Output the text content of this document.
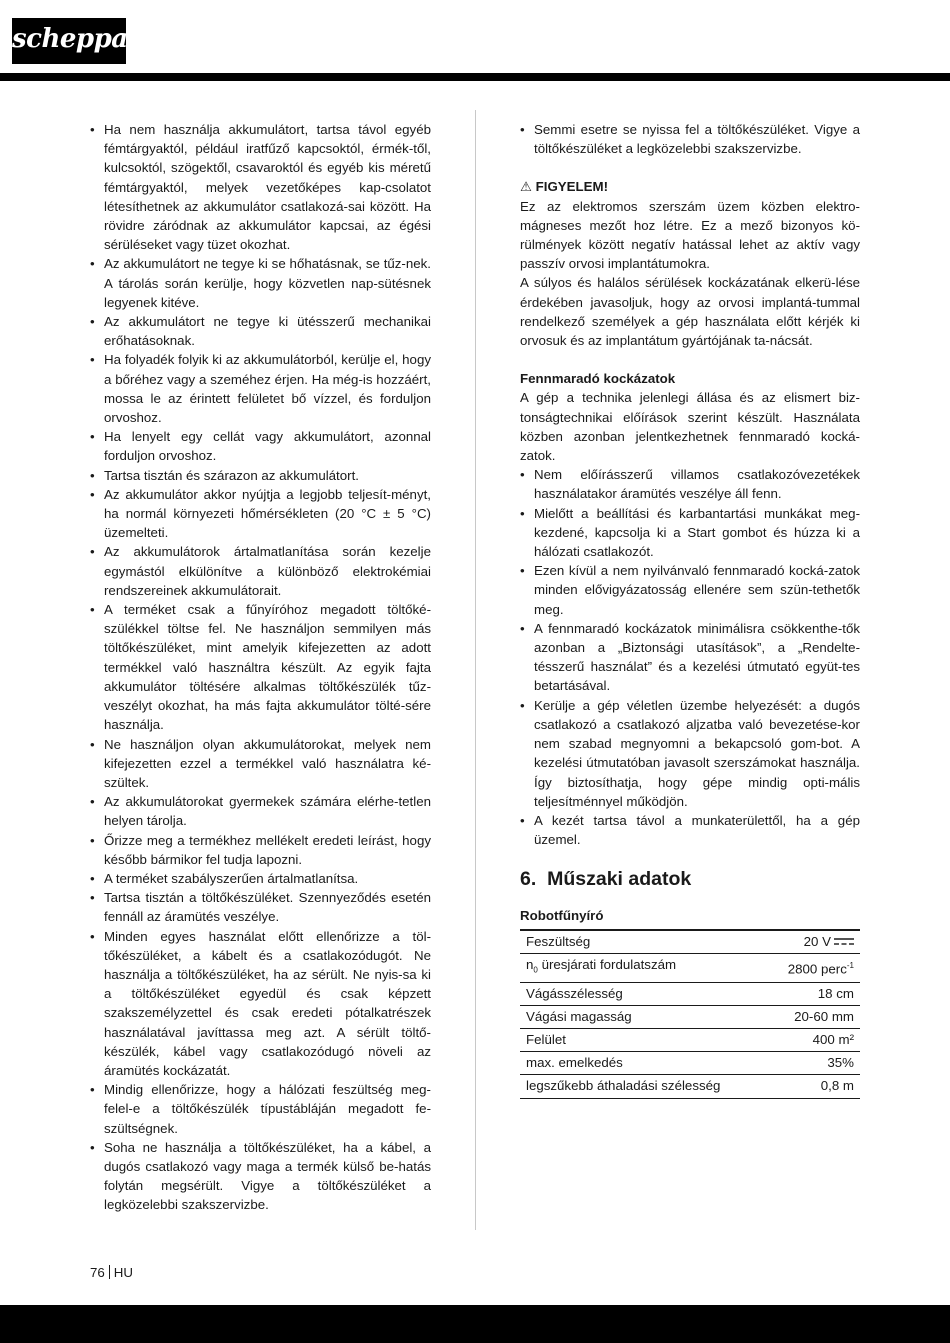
scheppach
• Ha nem használja akkumulátort, tartsa távol egyéb fémtárgyaktól, például iratfűző kapcsoktól, érmék-től, kulcsoktól, szögektől, csavaroktól és egyéb kis méretű fémtárgyaktól, melyek vezetőképes kap-csolatot létesíthetnek az akkumulátor csatlakozá-sai között. Ha rövidre záródnak az akkumulátor kapcsai, az égési sérüléseket vagy tüzet okozhat.
• Az akkumulátort ne tegye ki se hőhatásnak, se tűz-nek. A tárolás során kerülje, hogy közvetlen nap-sütésnek legyenek kitéve.
• Az akkumulátort ne tegye ki ütésszerű mechanikai erőhatásoknak.
• Ha folyadék folyik ki az akkumulátorból, kerülje el, hogy a bőréhez vagy a szeméhez érjen. Ha még-is hozzáért, mossa le az érintett felületet bő vízzel, és forduljon orvoshoz.
• Ha lenyelt egy cellát vagy akkumulátort, azonnal forduljon orvoshoz.
• Tartsa tisztán és szárazon az akkumulátort.
• Az akkumulátor akkor nyújtja a legjobb teljesít-ményt, ha normál környezeti hőmérsékleten (20 °C ± 5 °C) üzemelteti.
• Az akkumulátorok ártalmatlanítása során kezelje egymástól elkülönítve a különböző elektrokémiai rendszereinek akkumulátorait.
• A terméket csak a fűnyíróhoz megadott töltőké-szülékkel töltse fel. Ne használjon semmilyen más töltőkészüléket, mint amelyik kifejezetten az adott termékkel való használtra készült. Az egyik fajta akkumulátor töltésére alkalmas töltőkészülék tűz-veszélyt okozhat, ha más fajta akkumulátor tölté-sére használja.
• Ne használjon olyan akkumulátorokat, melyek nem kifejezetten ezzel a termékkel való használatra ké-szültek.
• Az akkumulátorokat gyermekek számára elérhe-tetlen helyen tárolja.
• Őrizze meg a termékhez mellékelt eredeti leírást, hogy később bármikor fel tudja lapozni.
• A terméket szabályszerűen ártalmatlanítsa.
• Tartsa tisztán a töltőkészüléket. Szennyeződés esetén fennáll az áramütés veszélye.
• Minden egyes használat előtt ellenőrizze a töl-tőkészüléket, a kábelt és a csatlakozódugót. Ne használja a töltőkészüléket, ha az sérült. Ne nyis-sa ki a töltőkészüléket egyedül és csak képzett szakszemélyzettel és csak eredeti pótalkatrészek használatával javíttassa meg azt. A sérült töltő-készülék, kábel vagy csatlakozódugó növeli az áramütés kockázatát.
• Mindig ellenőrizze, hogy a hálózati feszültség meg-felel-e a töltőkészülék típustábláján megadott fe-szültségnek.
• Soha ne használja a töltőkészüléket, ha a kábel, a dugós csatlakozó vagy maga a termék külső be-hatás folytán megsérült. Vigye a töltőkészüléket a legközelebbi szakszervizbe.
• Semmi esetre se nyissa fel a töltőkészüléket. Vigye a töltőkészüléket a legközelebbi szakszervizbe.
⚠ FIGYELEM!

Ez az elektromos szerszám üzem közben elektro-mágneses mezőt hoz létre. Ez a mező bizonyos kö-rülmények között negatív hatással lehet az aktív vagy passzív orvosi implantátumokra.

A súlyos és halálos sérülések kockázatának elkerü-lése érdekében javasoljuk, hogy az orvosi implantá-tummal rendelkező személyek a gép használata előtt kérjék ki orvosuk és az implantátum gyártójának ta-nácsát.

Fennmaradó kockázatok

A gép a technika jelenlegi állása és az elismert biz-tonságtechnikai előírások szerint készült. Használata közben azonban jelentkezhetnek fennmaradó kocká-zatok.

• Nem előírásszerű villamos csatlakozóvezetékek használatakor áramütés veszélye áll fenn.
• Mielőtt a beállítási és karbantartási munkákat meg-kezdené, kapcsolja ki a Start gombot és húzza ki a hálózati csatlakozót.
• Ezen kívül a nem nyilvánvaló fennmaradó kocká-zatok minden elővigyázatosság ellenére sem szün-tethetők meg.
• A fennmaradó kockázatok minimálisra csökkenthe-tők azonban a „Biztonsági utasítások”, a „Rendelte-tésszerű használat” és a kezelési útmutató együt-tes betartásával.
• Kerülje a gép véletlen üzembe helyezését: a dugós csatlakozó a csatlakozó aljzatba való bevezetése-kor nem szabad megnyomni a bekapcsoló gom-bot. A kezelési útmutatóban javasolt szerszámokat használja. Így biztosíthatja, hogy gépe mindig opti-mális teljesítménnyel működjön.
• A kezét tartsa távol a munkaterülettől, ha a gép üzemel.
6. Műszaki adatok
Robotfűnyíró
Feszültség	20 V
$n_0$ üresjárati fordulatszám	2800 perc$^{-1}$
Vágásszélesség	18 cm
Vágási magasság	20-60 mm
Felület	400 m²
max. emelkedés	35%
legszűkebb áthaladási szélesség	0,8 m
76 HU
